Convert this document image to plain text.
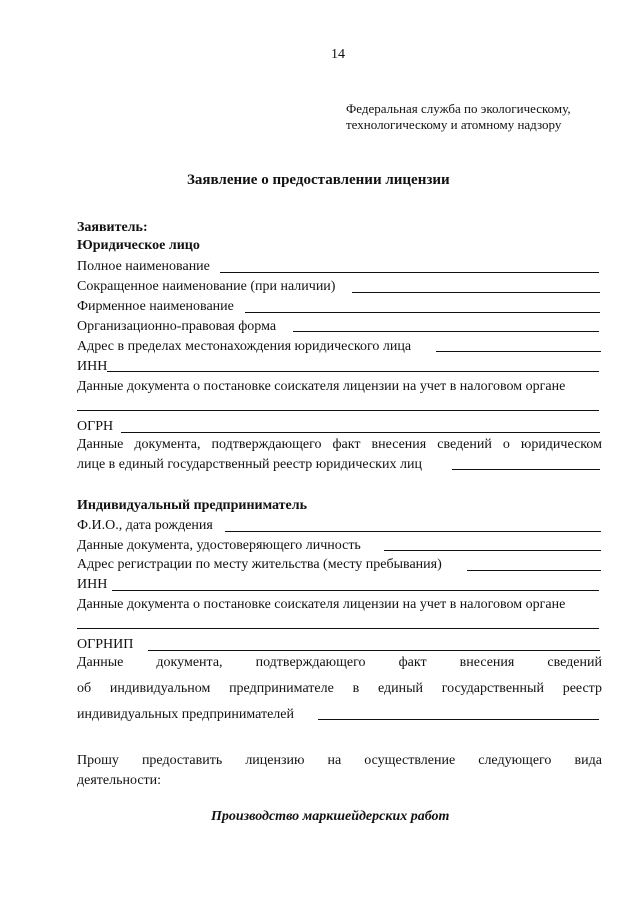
14
Федеральная служба по экологическому,
технологическому и атомному надзору
Заявление о предоставлении лицензии
Заявитель:
Юридическое лицо
Полное наименование
Сокращенное наименование (при наличии)
Фирменное наименование
Организационно-правовая форма
Адрес в пределах местонахождения юридического лица
ИНН
Данные документа о постановке соискателя лицензии на учет в налоговом органе
ОГРН
Данные документа, подтверждающего факт внесения сведений о юридическом
лице в единый государственный реестр юридических лиц
Индивидуальный предприниматель
Ф.И.О., дата рождения
Данные документа, удостоверяющего личность
Адрес регистрации по месту жительства (месту пребывания)
ИНН
Данные документа о постановке соискателя лицензии на учет в налоговом органе
ОГРНИП
Данные документа, подтверждающего факт внесения сведений
об индивидуальном предпринимателе в единый государственный реестр
индивидуальных предпринимателей
Прошу предоставить лицензию на осуществление следующего вида
деятельности:
Производство маркшейдерских работ
